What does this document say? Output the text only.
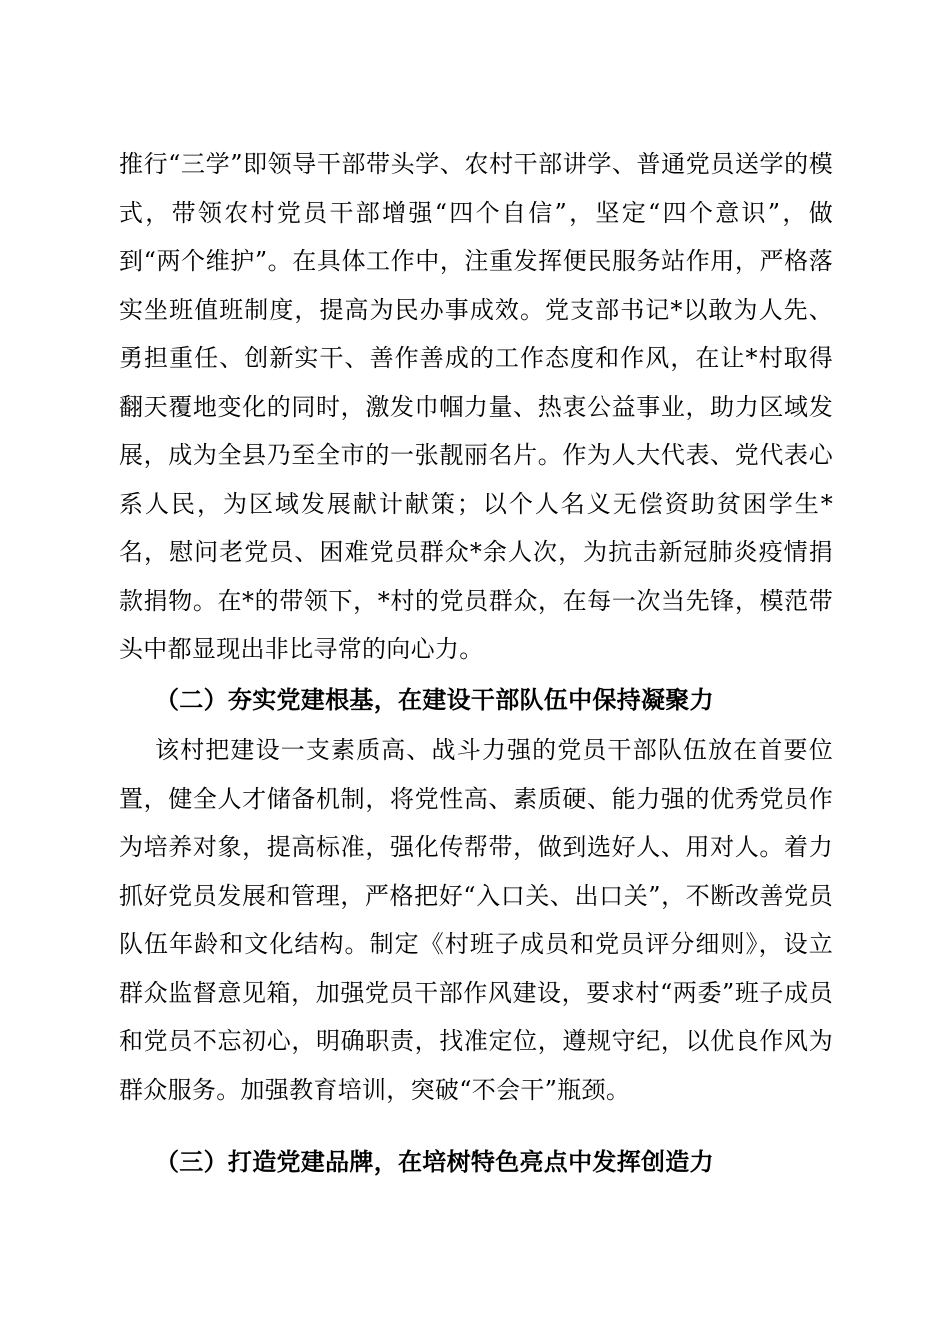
推行“三学”即领导干部带头学、农村干部讲学、普通党员送学的模式，带领农村党员干部增强“四个自信”，坚定“四个意识”，做到“两个维护”。在具体工作中，注重发挥便民服务站作用，严格落实坐班值班制度，提高为民办事成效。党支部书记*以敢为人先、勇担重任、创新实干、善作善成的工作态度和作风，在让*村取得翻天覆地变化的同时，激发巾帼力量、热衷公益事业，助力区域发展，成为全县乃至全市的一张靓丽名片。作为人大代表、党代表心系人民，为区域发展献计献策；以个人名义无偿资助贫困学生*名，慰问老党员、困难党员群众*余人次，为抗击新冠肺炎疫情捐款捐物。在*的带领下，*村的党员群众，在每一次当先锋，模范带头中都显现出非比寻常的向心力。

（二）夯实党建根基，在建设干部队伍中保持凝聚力

该村把建设一支素质高、战斗力强的党员干部队伍放在首要位置，健全人才储备机制，将党性高、素质硬、能力强的优秀党员作为培养对象，提高标准，强化传帮带，做到选好人、用对人。着力抓好党员发展和管理，严格把好“入口关、出口关”，不断改善党员队伍年龄和文化结构。制定《村班子成员和党员评分细则》，设立群众监督意见箱，加强党员干部作风建设，要求村“两委”班子成员和党员不忘初心，明确职责，找准定位，遵规守纪，以优良作风为群众服务。加强教育培训，突破“不会干”瓶颈。

（三）打造党建品牌，在培树特色亮点中发挥创造力
